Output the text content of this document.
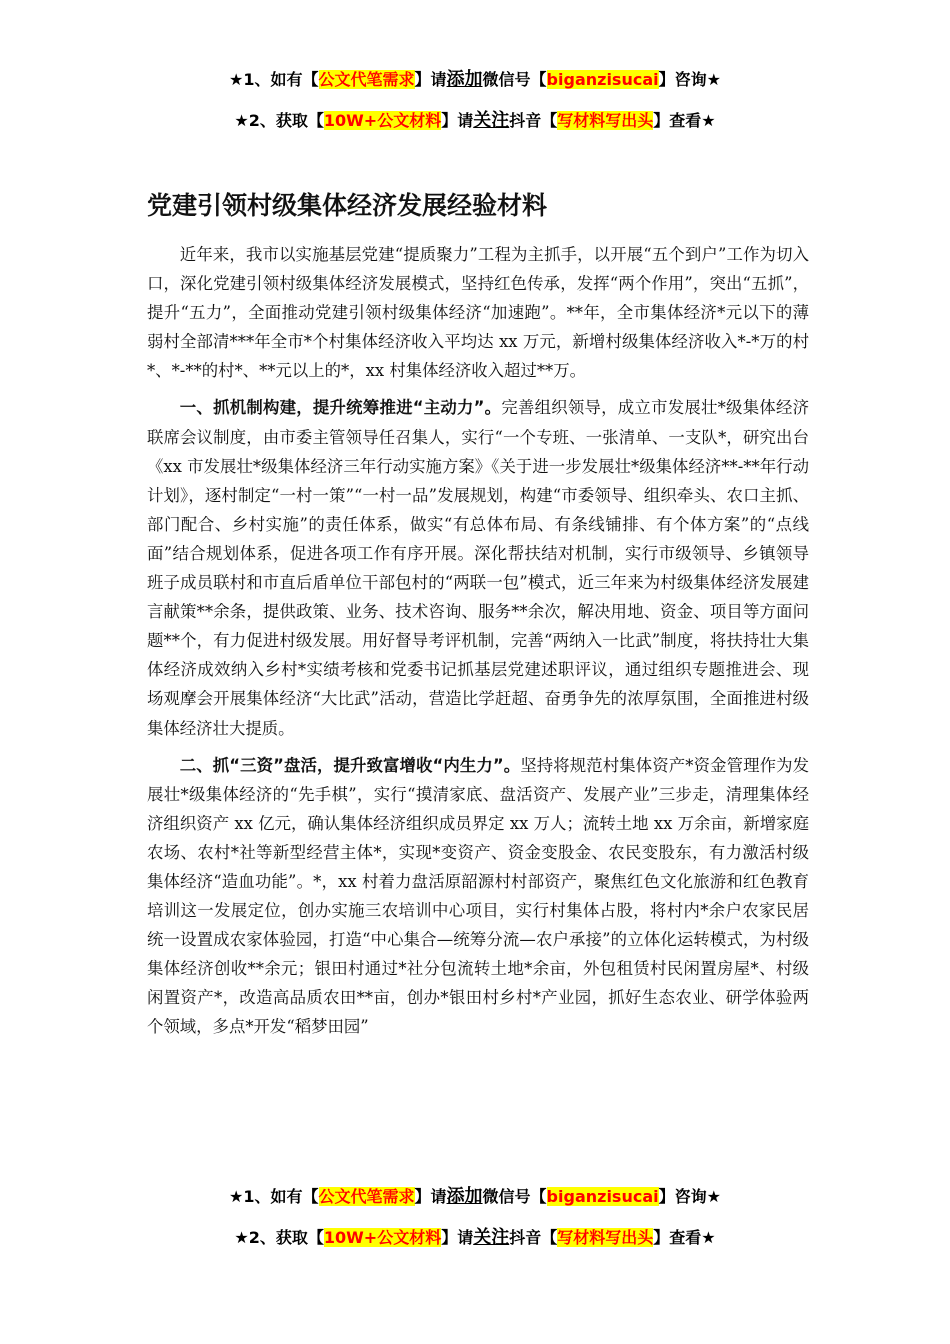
★1、如有【公文代笔需求】请添加微信号【biganzisucai】咨询★
★2、获取【10W+公文材料】请关注抖音【写材料写出头】查看★
党建引领村级集体经济发展经验材料

近年来，我市以实施基层党建“提质聚力”工程为主抓手，以开展“五个到户”工作为切入口，深化党建引领村级集体经济发展模式，坚持红色传承，发挥“两个作用”，突出“五抓”，提升“五力”，全面推动党建引领村级集体经济“加速跑”。**年，全市集体经济*元以下的薄弱村全部清***年全市*个村集体经济收入平均达 xx 万元，新增村级集体经济收入*-*万的村*、*-**的村*、**元以上的*，xx 村集体经济收入超过**万。

一、抓机制构建，提升统筹推进“主动力”。完善组织领导，成立市发展壮*级集体经济联席会议制度，由市委主管领导任召集人，实行“一个专班、一张清单、一支队*，研究出台《xx 市发展壮*级集体经济三年行动实施方案》《关于进一步发展壮*级集体经济**-**年行动计划》，逐村制定“一村一策”“一村一品”发展规划，构建“市委领导、组织牵头、农口主抓、部门配合、乡村实施”的责任体系，做实“有总体布局、有条线铺排、有个体方案”的“点线面”结合规划体系，促进各项工作有序开展。深化帮扶结对机制，实行市级领导、乡镇领导班子成员联村和市直后盾单位干部包村的“两联一包”模式，近三年来为村级集体经济发展建言献策**余条，提供政策、业务、技术咨询、服务**余次，解决用地、资金、项目等方面问题**个，有力促进村级发展。用好督导考评机制，完善“两纳入一比武”制度，将扶持壮大集体经济成效纳入乡村*实绩考核和党委书记抓基层党建述职评议，通过组织专题推进会、现场观摩会开展集体经济“大比武”活动，营造比学赶超、奋勇争先的浓厚氛围，全面推进村级集体经济壮大提质。

二、抓“三资”盘活，提升致富增收“内生力”。坚持将规范村集体资产*资金管理作为发展壮*级集体经济的“先手棋”，实行“摸清家底、盘活资产、发展产业”三步走，清理集体经济组织资产 xx 亿元，确认集体经济组织成员界定 xx 万人；流转土地 xx 万余亩，新增家庭农场、农村*社等新型经营主体*，实现*变资产、资金变股金、农民变股东，有力激活村级集体经济“造血功能”。*，xx 村着力盘活原韶源村村部资产，聚焦红色文化旅游和红色教育培训这一发展定位，创办实施三农培训中心项目，实行村集体占股，将村内*余户农家民居统一设置成农家体验园，打造“中心集合—统筹分流—农户承接”的立体化运转模式，为村级集体经济创收**余元；银田村通过*社分包流转土地*余亩，外包租赁村民闲置房屋*、村级闲置资产*，改造高品质农田**亩，创办*银田村乡村*产业园，抓好生态农业、研学体验两个领域，多点*开发“稻梦田园”

★1、如有【公文代笔需求】请添加微信号【biganzisucai】咨询★
★2、获取【10W+公文材料】请关注抖音【写材料写出头】查看★
